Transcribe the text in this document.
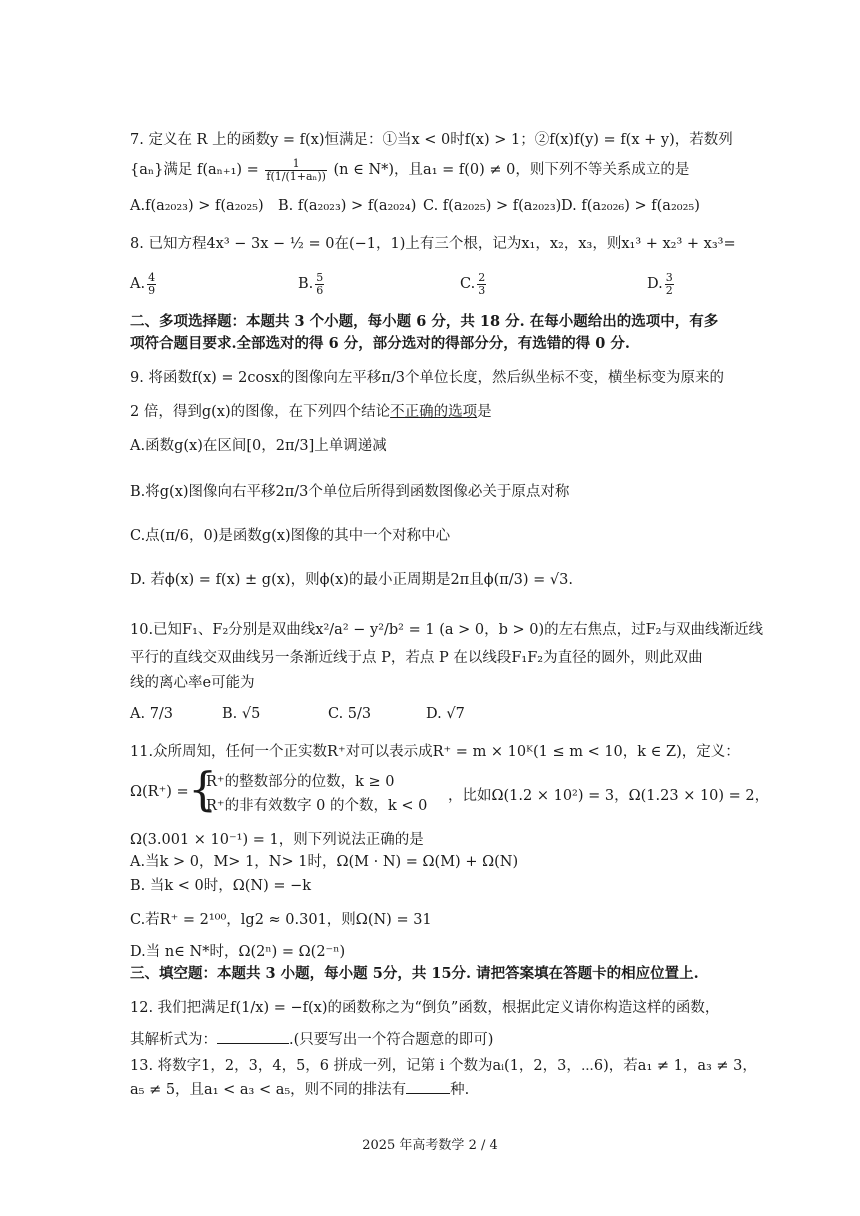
7. 定义在 R 上的函数y = f(x)恒满足：①当x < 0时f(x) > 1；②f(x)f(y) = f(x + y)，若数列
{aₙ}满足 $f(a_{n+1}) = \frac{1}{\text{f(1/(1+aₙ))}} (n$ ∈ N*)，且a₁ = f(0) ≠ 0，则下列不等关系成立的是
A.f(a₂₀₂₃) > f(a₂₀₂₅) B. f(a₂₀₂₃) > f(a₂₀₂₄) C. f(a₂₀₂₅) > f(a₂₀₂₃) D. f(a₂₀₂₆) > f(a₂₀₂₅)
8. 已知方程4x³ − 3x − ½ = 0在(−1，1)上有三个根，记为x₁，x₂，x₃，则x₁³ + x₂³ + x₃³=
A. $\frac{4}{9}$	B. $\frac{5}{6}$	C. $\frac{2}{3}$	D. $\frac{3}{2}$
二、多项选择题：本题共 3 个小题，每小题 6 分，共 18 分. 在每小题给出的选项中，有多
项符合题目要求.全部选对的得 6 分，部分选对的得部分分，有选错的得 0 分.
9. 将函数f(x) = 2cosx的图像向左平移π/3个单位长度，然后纵坐标不变，横坐标变为原来的
2 倍，得到g(x)的图像，在下列四个结论不正确的选项是
A.函数g(x)在区间[0，2π/3]上单调递减
B.将g(x)图像向右平移2π/3个单位后所得到函数图像必关于原点对称
C.点(π/6，0)是函数g(x)图像的其中一个对称中心
D. 若ϕ(x) = f(x) ± g(x)，则ϕ(x)的最小正周期是2π且ϕ(π/3) = √3.
10.已知F₁、F₂分别是双曲线x²/a² − y²/b² = 1 (a > 0，b > 0)的左右焦点，过F₂与双曲线渐近线
平行的直线交双曲线另一条渐近线于点 P，若点 P 在以线段F₁F₂为直径的圆外，则此双曲
线的离心率e可能为
A. 7/3	B. √5	C. 5/3	D. √7
11.众所周知，任何一个正实数R⁺对可以表示成R⁺ = m × 10ᴷ(1 ≤ m < 10，k ∈ Z)，定义：
Ω(R⁺) = {
R⁺的整数部分的位数，k ≥ 0
R⁺的非有效数字 0 的个数，k < 0
，比如Ω(1.2 × 10²) = 3，Ω(1.23 × 10) = 2，
Ω(3.001 × 10⁻¹) = 1，则下列说法正确的是
A.当k > 0，M> 1，N> 1时，Ω(M · N) = Ω(M) + Ω(N)
B. 当k < 0时，Ω(N) = −k
C.若R⁺ = 2¹⁰⁰，lg2 ≈ 0.301，则Ω(N) = 31
D.当 n∈ N*时，Ω(2ⁿ) = Ω(2⁻ⁿ)
三、填空题：本题共 3 小题，每小题 5分，共 15分. 请把答案填在答题卡的相应位置上.
12. 我们把满足f(1/x) = −f(x)的函数称之为“倒负”函数，根据此定义请你构造这样的函数，
其解析式为：	.(只要写出一个符合题意的即可)
13. 将数字1，2，3，4，5，6 拼成一列，记第 i 个数为aᵢ(1，2，3，⋯6)，若a₁ ≠ 1，a₃ ≠ 3，
a₅ ≠ 5，且a₁ < a₃ < a₅，则不同的排法有	种.
2025 年高考数学 2 / 4
